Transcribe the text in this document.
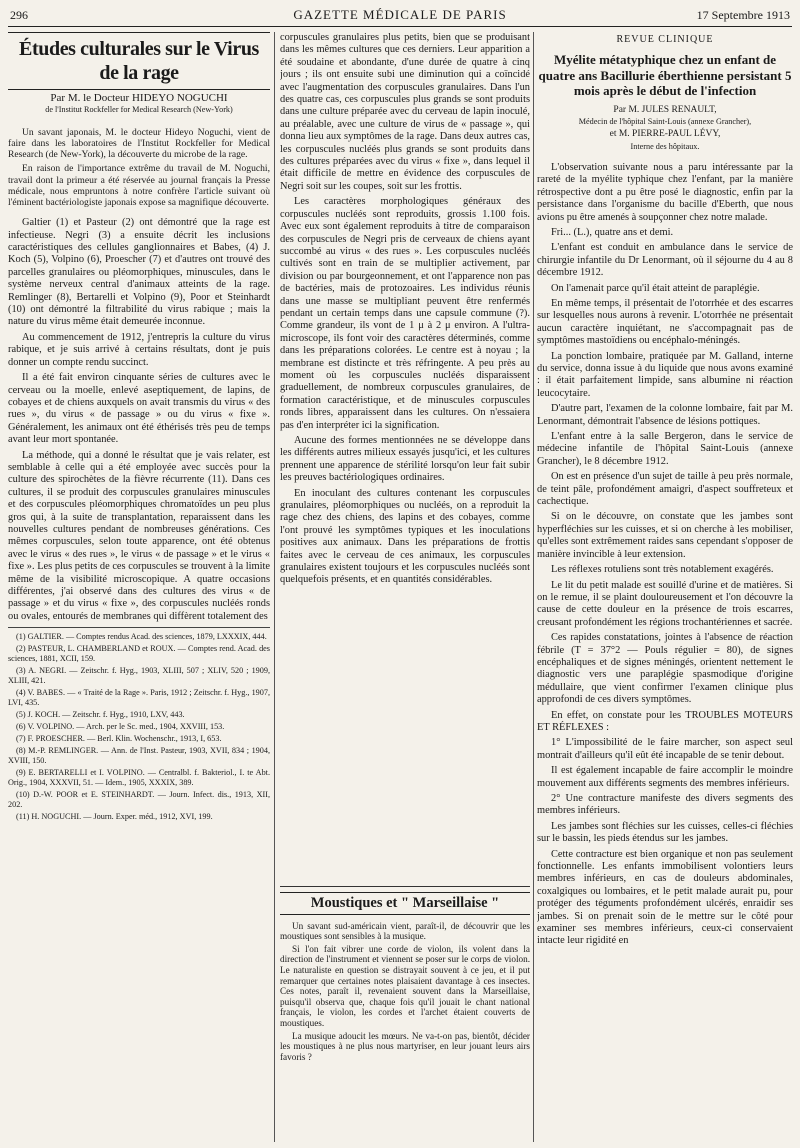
296	GAZETTE MÉDICALE DE PARIS	17 Septembre 1913
Études culturales sur le Virus de la rage
Par M. le Docteur HIDEYO NOGUCHI
de l'Institut Rockfeller for Medical Research (New-York)

Un savant japonais, M. le docteur Hideyo Noguchi, vient de faire dans les laboratoires de l'Institut Rockfeller for Medical Research (de New-York), la découverte du microbe de la rage.

En raison de l'importance extrême du travail de M. Noguchi, travail dont la primeur a été réservée au journal français la Presse médicale, nous empruntons à notre confrère l'article suivant où l'éminent bactériologiste japonais expose sa magnifique découverte.

Galtier (1) et Pasteur (2) ont démontré que la rage est infectieuse. Negri (3) a ensuite décrit les inclusions caractéristiques des cellules ganglionnaires et Babes, (4) J. Koch (5), Volpino (6), Proescher (7) et d'autres ont trouvé des parcelles granulaires ou pléomorphiques, minuscules, dans le système nerveux central d'animaux atteints de la rage. Remlinger (8), Bertarelli et Volpino (9), Poor et Steinhardt (10) ont démontré la filtrabilité du virus rabique ; mais la nature du virus même était demeurée inconnue.

Au commencement de 1912, j'entrepris la culture du virus rabique, et je suis arrivé à certains résultats, dont je puis donner un compte rendu succinct.

Il a été fait environ cinquante séries de cultures avec le cerveau ou la moelle, enlevé aseptiquement, de lapins, de cobayes et de chiens auxquels on avait transmis du virus « des rues », du virus « de passage » ou du virus « fixe ». Généralement, les animaux ont été éthérisés très peu de temps avant leur mort spontanée.

La méthode, qui a donné le résultat que je vais relater, est semblable à celle qui a été employée avec succès pour la culture des spirochètes de la fièvre récurrente (11). Dans ces cultures, il se produit des corpuscules granulaires minuscules et des corpuscules pléomorphiques chromatoïdes un peu plus gros qui, à la suite de transplantation, reparaissent dans les nouvelles cultures pendant de nombreuses générations. Ces mêmes corpuscules, selon toute apparence, ont été obtenus avec le virus « des rues », le virus « de passage » et le virus « fixe ». Les plus petits de ces corpuscules se trouvent à la limite même de la visibilité microscopique. A quatre occasions différentes, j'ai observé dans des cultures des virus « de passage » et du virus « fixe », des corpuscules nucléés ronds ou ovales, entourés de membranes qui diffèrent totalement des

(1) GALTIER. — Comptes rendus Acad. des sciences, 1879, LXXXIX, 444.
(2) PASTEUR, L. CHAMBERLAND et ROUX. — Comptes rend. Acad. des sciences, 1881, XCII, 159.
(3) A. NEGRI. — Zeitschr. f. Hyg., 1903, XLIII, 507 ; XLIV, 520 ; 1909, XLIII, 421.
(4) V. BABES. — « Traité de la Rage ». Paris, 1912 ; Zeitschr. f. Hyg., 1907, LVI, 435.
(5) J. KOCH. — Zeitschr. f. Hyg., 1910, LXV, 443.
(6) V. VOLPINO. — Arch. per le Sc. med., 1904, XXVIII, 153.
(7) F. PROESCHER. — Berl. Klin. Wochenschr., 1913, I, 653.
(8) M.-P. REMLINGER. — Ann. de l'Inst. Pasteur, 1903, XVII, 834 ; 1904, XVIII, 150.
(9) E. BERTARELLI et I. VOLPINO. — Centralbl. f. Bakteriol., I. te Abt. Orig., 1904, XXXVII, 51. — Idem., 1905, XXXIX, 389.
(10) D.-W. POOR et E. STEINHARDT. — Journ. Infect. dis., 1913, XII, 202.
(11) H. NOGUCHI. — Journ. Exper. méd., 1912, XVI, 199.

corpuscules granulaires plus petits, bien que se produisant dans les mêmes cultures que ces derniers. Leur apparition a été soudaine et abondante, d'une durée de quatre à cinq jours ; ils ont ensuite subi une diminution qui a coïncidé avec l'augmentation des corpuscules granulaires. Dans l'un des quatre cas, ces corpuscules plus grands se sont produits dans une culture préparée avec du cerveau de lapin inoculé, au préalable, avec une culture de virus de « passage », qui donna lieu aux symptômes de la rage. Dans deux autres cas, les corpuscules nucléés plus grands se sont produits dans des cultures préparées avec du virus « fixe », dans lequel il était difficile de mettre en évidence des corpuscules de Negri soit sur les coupes, soit sur les frottis.

Les caractères morphologiques généraux des corpuscules nucléés sont reproduits, grossis 1.100 fois. Avec eux sont également reproduits à titre de comparaison des corpuscules de Negri pris de cerveaux de chiens ayant succombé au virus « des rues ». Les corpuscules nucléés cultivés sont en train de se multiplier activement, par division ou par bourgeonnement, et ont l'apparence non pas de bactéries, mais de protozoaires. Les individus réunis dans une masse se multipliant peuvent être renfermés pendant un certain temps dans une capsule commune (?). Comme grandeur, ils vont de 1 μ à 2 μ environ. A l'ultra-microscope, ils font voir des caractères déterminés, comme dans les préparations colorées. Le centre est à noyau ; la membrane est distincte et très réfringente. A peu près au moment où les corpuscules nucléés disparaissent graduellement, de nombreux corpuscules granulaires, de formation caractéristique, et de minuscules corpuscules ronds libres, apparaissent dans les cultures. On n'essaiera pas d'en interpréter ici la signification.

Aucune des formes mentionnées ne se développe dans les différents autres milieux essayés jusqu'ici, et les cultures prennent une apparence de stérilité lorsqu'on leur fait subir les preuves bactériologiques ordinaires.

En inoculant des cultures contenant les corpuscules granulaires, pléomorphiques ou nucléés, on a reproduit la rage chez des chiens, des lapins et des cobayes, comme l'ont prouvé les symptômes typiques et les inoculations positives aux animaux. Dans les préparations de frottis faites avec le cerveau de ces animaux, les corpuscules granulaires existent toujours et les corpuscules nucléés sont quelquefois présents, et en quantités considérables.

Moustiques et " Marseillaise "

Un savant sud-américain vient, paraît-il, de découvrir que les moustiques sont sensibles à la musique.

Si l'on fait vibrer une corde de violon, ils volent dans la direction de l'instrument et viennent se poser sur le corps de violon. Le naturaliste en question se distrayait souvent à ce jeu, et il put remarquer que certaines notes plaisaient davantage à ces insectes. Ces notes, paraît il, revenaient souvent dans la Marseillaise, puisqu'il observa que, chaque fois qu'il jouait le chant national français, le violon, les cordes et l'archet étaient couverts de moustiques.

La musique adoucit les mœurs. Ne va-t-on pas, bientôt, décider les moustiques à ne plus nous martyriser, en leur jouant leurs airs favoris ?

REVUE CLINIQUE
Myélite métatyphique chez un enfant de quatre ans Bacillurie éberthienne persistant 5 mois après le début de l'infection
Par M. JULES RENAULT,
Médecin de l'hôpital Saint-Louis (annexe Grancher),
et M. PIERRE-PAUL LÉVY,
Interne des hôpitaux.

L'observation suivante nous a paru intéressante par la rareté de la myélite typhique chez l'enfant, par la manière rétrospective dont a pu être posé le diagnostic, enfin par la persistance dans l'organisme du bacille d'Eberth, que nous avions pu être amenés à soupçonner chez notre malade.

Fri... (L.), quatre ans et demi.

L'enfant est conduit en ambulance dans le service de chirurgie infantile du Dr Lenormant, où il séjourne du 4 au 8 décembre 1912.

On l'amenait parce qu'il était atteint de paraplégie.

En même temps, il présentait de l'otorrhée et des escarres sur lesquelles nous aurons à revenir. L'otorrhée ne présentait aucun caractère inquiétant, ne s'accompagnait pas de symptômes mastoïdiens ou encéphalo-méningés.

La ponction lombaire, pratiquée par M. Galland, interne du service, donna issue à du liquide que nous avons examiné : il était parfaitement limpide, sans albumine ni réaction leucocytaire.

D'autre part, l'examen de la colonne lombaire, fait par M. Lenormant, démontrait l'absence de lésions pottiques.

L'enfant entre à la salle Bergeron, dans le service de médecine infantile de l'hôpital Saint-Louis (annexe Grancher), le 8 décembre 1912.

On est en présence d'un sujet de taille à peu près normale, de teint pâle, profondément amaigri, d'aspect souffreteux et cachectique.

Si on le découvre, on constate que les jambes sont hyperfléchies sur les cuisses, et si on cherche à les mobiliser, qu'elles sont extrêmement raides sans cependant s'opposer de manière invincible à leur extension.

Les réflexes rotuliens sont très notablement exagérés.

Le lit du petit malade est souillé d'urine et de matières. Si on le remue, il se plaint douloureusement et l'on découvre la cause de cette douleur en la présence de trois escarres, creusant profondément les régions trochantériennes et sacrée.

Ces rapides constatations, jointes à l'absence de réaction fébrile (T = 37°2 — Pouls régulier = 80), de signes encéphaliques et de signes méningés, orientent nettement le diagnostic vers une paraplégie spasmodique d'origine médullaire, que vient confirmer l'examen clinique plus approfondi de ces divers symptômes.

En effet, on constate pour les TROUBLES MOTEURS ET RÉFLEXES :

1° L'impossibilité de le faire marcher, son aspect seul montrait d'ailleurs qu'il eût été incapable de se tenir debout.

Il est également incapable de faire accomplir le moindre mouvement aux différents segments des membres inférieurs.

2° Une contracture manifeste des divers segments des membres inférieurs.

Les jambes sont fléchies sur les cuisses, celles-ci fléchies sur le bassin, les pieds étendus sur les jambes.

Cette contracture est bien organique et non pas seulement fonctionnelle. Les enfants immobilisent volontiers leurs membres inférieurs, en cas de douleurs abdominales, coxalgiques ou lombaires, et le petit malade aurait pu, pour protéger des téguments profondément ulcérés, enraidir ses jambes. Si on prenait soin de le mettre sur le côté pour examiner ses membres inférieurs, ceux-ci conservaient intacte leur rigidité en
